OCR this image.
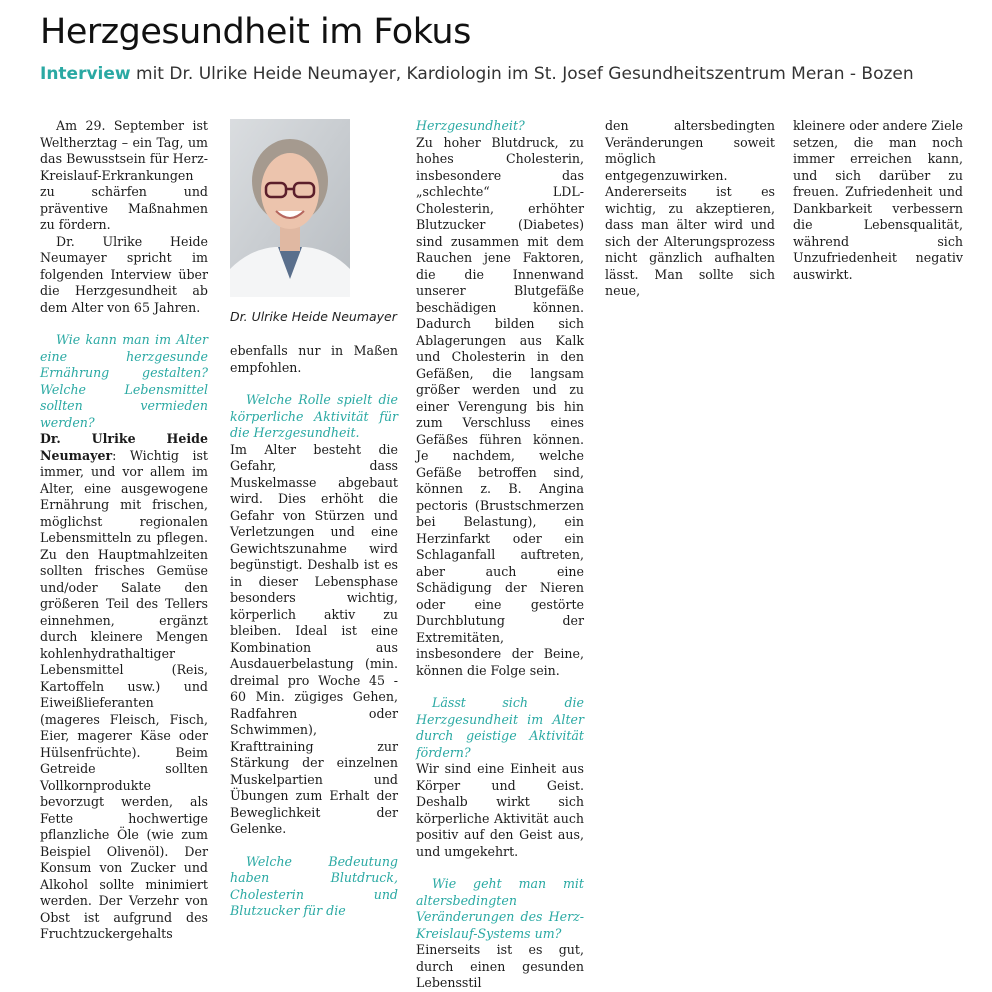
Herzgesundheit im Fokus
Interview mit Dr. Ulrike Heide Neumayer, Kardiologin im St. Josef Gesundheitszentrum Meran - Bozen

Am 29. September ist Weltherztag – ein Tag, um das Bewusstsein für Herz-Kreislauf-Erkrankungen zu schärfen und präventive Maßnahmen zu fördern.

Dr. Ulrike Heide Neumayer spricht im folgenden Interview über die Herzgesundheit ab dem Alter von 65 Jahren.

Wie kann man im Alter eine herzgesunde Ernährung gestalten? Welche Lebensmittel sollten vermieden werden?

Dr. Ulrike Heide Neumayer: Wichtig ist immer, und vor allem im Alter, eine ausgewogene Ernährung mit frischen, möglichst regionalen Lebensmitteln zu pflegen. Zu den Hauptmahlzeiten sollten frisches Gemüse und/oder Salate den größeren Teil des Tellers einnehmen, ergänzt durch kleinere Mengen kohlenhydrathaltiger Lebensmittel (Reis, Kartoffeln usw.) und Eiweißlieferanten (mageres Fleisch, Fisch, Eier, magerer Käse oder Hülsenfrüchte). Beim Getreide sollten Vollkornprodukte bevorzugt werden, als Fette hochwertige pflanzliche Öle (wie zum Beispiel Olivenöl). Der Konsum von Zucker und Alkohol sollte minimiert werden. Der Verzehr von Obst ist aufgrund des Fruchtzuckergehalts

Dr. Ulrike Heide Neumayer

ebenfalls nur in Maßen empfohlen.

Welche Rolle spielt die körperliche Aktivität für die Herzgesundheit.

Im Alter besteht die Gefahr, dass Muskelmasse abgebaut wird. Dies erhöht die Gefahr von Stürzen und Verletzungen und eine Gewichtszunahme wird begünstigt. Deshalb ist es in dieser Lebensphase besonders wichtig, körperlich aktiv zu bleiben. Ideal ist eine Kombination aus Ausdauerbelastung (min. dreimal pro Woche 45 - 60 Min. zügiges Gehen, Radfahren oder Schwimmen), Krafttraining zur Stärkung der einzelnen Muskelpartien und Übungen zum Erhalt der Beweglichkeit der Gelenke.

Welche Bedeutung haben Blutdruck, Cholesterin und Blutzucker für die

Herzgesundheit?

Zu hoher Blutdruck, zu hohes Cholesterin, insbesondere das „schlechte“ LDL-Cholesterin, erhöhter Blutzucker (Diabetes) sind zusammen mit dem Rauchen jene Faktoren, die die Innenwand unserer Blutgefäße beschädigen können. Dadurch bilden sich Ablagerungen aus Kalk und Cholesterin in den Gefäßen, die langsam größer werden und zu einer Verengung bis hin zum Verschluss eines Gefäßes führen können. Je nachdem, welche Gefäße betroffen sind, können z. B. Angina pectoris (Brustschmerzen bei Belastung), ein Herzinfarkt oder ein Schlaganfall auftreten, aber auch eine Schädigung der Nieren oder eine gestörte Durchblutung der Extremitäten, insbesondere der Beine, können die Folge sein.

Lässt sich die Herzgesundheit im Alter durch geistige Aktivität fördern?

Wir sind eine Einheit aus Körper und Geist. Deshalb wirkt sich körperliche Aktivität auch positiv auf den Geist aus, und umgekehrt.

Wie geht man mit altersbedingten Veränderungen des Herz-Kreislauf-Systems um?

Einerseits ist es gut, durch einen gesunden Lebensstil

den altersbedingten Veränderungen soweit möglich entgegenzuwirken. Andererseits ist es wichtig, zu akzeptieren, dass man älter wird und sich der Alterungsprozess nicht gänzlich aufhalten lässt. Man sollte sich neue,

kleinere oder andere Ziele setzen, die man noch immer erreichen kann, und sich darüber zu freuen. Zufriedenheit und Dankbarkeit verbessern die Lebensqualität, während sich Unzufriedenheit negativ auswirkt.
